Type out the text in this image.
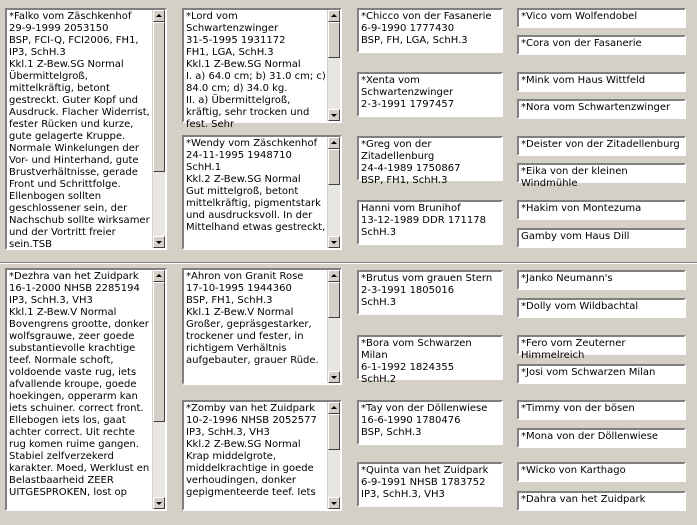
*Falko vom Zäschkenhof
29-9-1999 2053150
BSP, FCI-Q, FCI2006, FH1, IP3, SchH.3
Kkl.1 Z-Bew.SG Normal
Übermittelgroß, mittelkräftig, betont gestreckt. Guter Kopf und Ausdruck. Flacher Widerrist, fester Rücken und kurze, gute gelagerte Kruppe. Normale Winkelungen der Vor- und Hinterhand, gute Brustverhältnisse, gerade Front und Schrittfolge. Ellenbogen sollten geschlossener sein, der Nachschub sollte wirksamer und der Vortritt freier sein.TSB
*Dezhra van het Zuidpark
16-1-2000 NHSB 2285194
IP3, SchH.3, VH3
Kkl.1 Z-Bew.V Normal
Bovengrens grootte, donker wolfsgrauwe, zeer goede substantievolle krachtige teef. Normale schoft, voldoende vaste rug, iets afvallende kroupe, goede hoekingen, opperarm kan iets schuiner. correct front. Ellebogen iets los, gaat achter correct. Uit rechte rug komen ruime gangen. Stabiel zelfverzekerd karakter. Moed, Werklust en Belastbaarheid ZEER UITGESPROKEN, lost op
*Lord vom Schwartenzwinger
31-5-1995 1931172
FH1, LGA, SchH.3
Kkl.1 Z-Bew.SG Normal
I. a) 64.0 cm; b) 31.0 cm; c) 84.0 cm; d) 34.0 kg.
II. a) Übermittelgroß, kräftig, sehr trocken und fest. Sehr
*Wendy vom Zäschkenhof
24-11-1995 1948710
SchH.1
Kkl.2 Z-Bew.SG Normal
Gut mittelgroß, betont mittelkräftig, pigmentstark und ausdrucksvoll. In der Mittelhand etwas gestreckt,
*Ahron von Granit Rose
17-10-1995 1944360
BSP, FH1, SchH.3
Kkl.1 Z-Bew.V Normal
Großer, gepräsgestarker, trockener und fester, in richtigem Verhältnis aufgebauter, grauer Rüde.
*Zomby van het Zuidpark
10-2-1996 NHSB 2052577
IP3, SchH.3, VH3
Kkl.2 Z-Bew.SG Normal
Krap middelgrote, middelkrachtige in goede verhoudingen, donker gepigmenteerde teef. Iets
*Chicco von der Fasanerie
6-9-1990 1777430
BSP, FH, LGA, SchH.3
*Xenta vom Schwartenzwinger
2-3-1991 1797457
*Greg von der Zitadellenburg
24-4-1989 1750867
BSP, FH1, SchH.3
Hanni vom Brunihof
13-12-1989 DDR 171178
SchH.3
*Brutus vom grauen Stern
2-3-1991 1805016
SchH.3
*Bora vom Schwarzen Milan
6-1-1992 1824355
SchH.2
*Tay von der Döllenwiese
16-6-1990 1780476
BSP, SchH.3
*Quinta van het Zuidpark
6-9-1991 NHSB 1783752
IP3, SchH.3, VH3
*Vico vom Wolfendobel
*Cora von der Fasanerie
*Mink vom Haus Wittfeld
*Nora vom Schwartenzwinger
*Deister von der Zitadellenburg
*Eika von der kleinen Windmühle
*Hakim von Montezuma
Gamby vom Haus Dill
*Janko Neumann's
*Dolly vom Wildbachtal
*Fero vom Zeuterner Himmelreich
*Josi vom Schwarzen Milan
*Timmy von der bösen
*Mona von der Döllenwiese
*Wicko von Karthago
*Dahra van het Zuidpark
